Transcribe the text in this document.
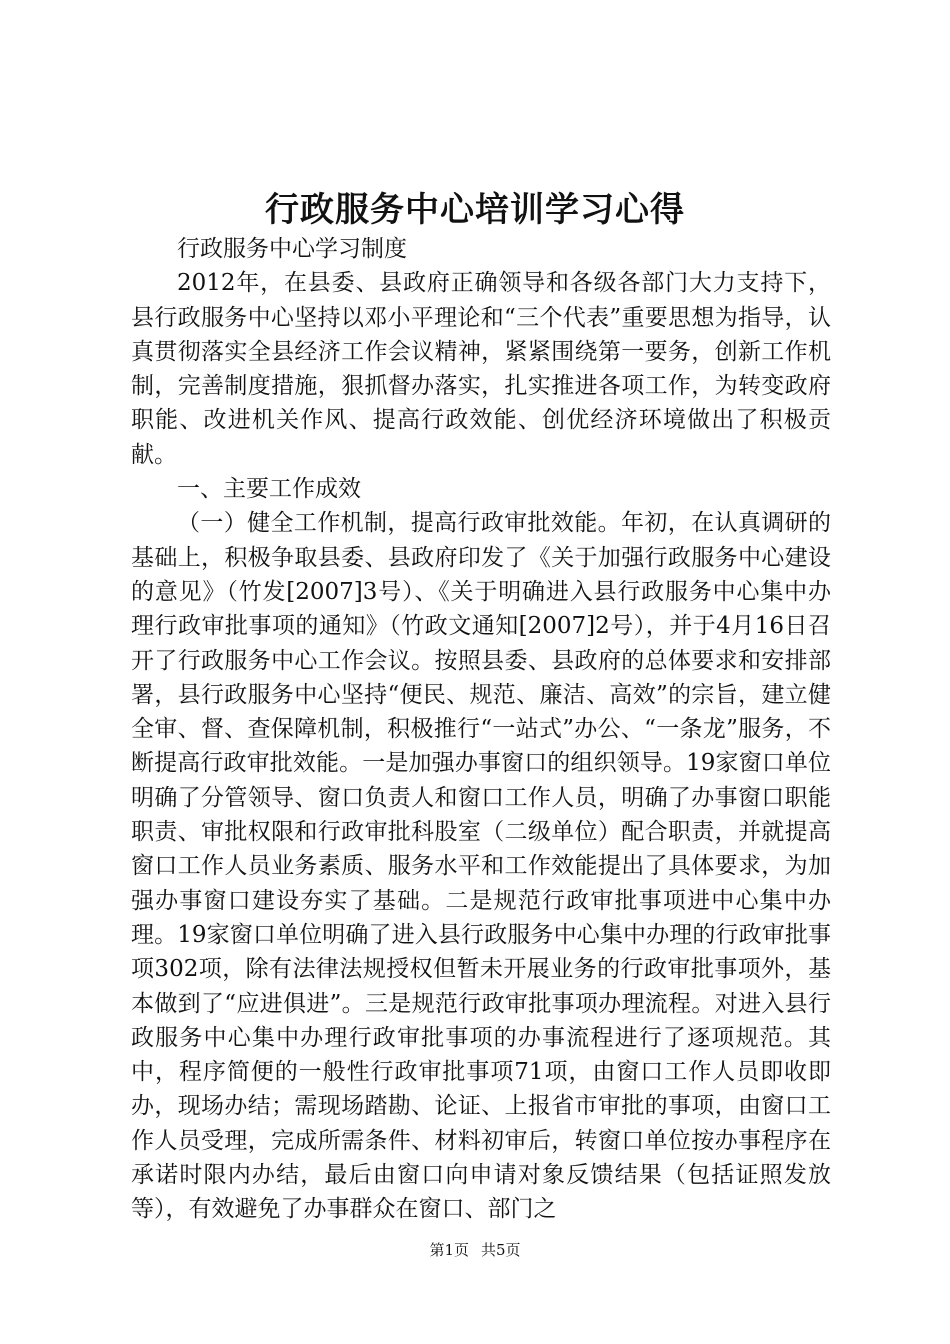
行政服务中心培训学习心得

行政服务中心学习制度

2012年，在县委、县政府正确领导和各级各部门大力支持下，县行政服务中心坚持以邓小平理论和“三个代表”重要思想为指导，认真贯彻落实全县经济工作会议精神，紧紧围绕第一要务，创新工作机制，完善制度措施，狠抓督办落实，扎实推进各项工作，为转变政府职能、改进机关作风、提高行政效能、创优经济环境做出了积极贡献。

一、主要工作成效

（一）健全工作机制，提高行政审批效能。年初，在认真调研的基础上，积极争取县委、县政府印发了《关于加强行政服务中心建设的意见》（竹发[2007]3号）、《关于明确进入县行政服务中心集中办理行政审批事项的通知》（竹政文通知[2007]2号），并于4月16日召开了行政服务中心工作会议。按照县委、县政府的总体要求和安排部署，县行政服务中心坚持“便民、规范、廉洁、高效”的宗旨，建立健全审、督、查保障机制，积极推行“一站式”办公、“一条龙”服务，不断提高行政审批效能。一是加强办事窗口的组织领导。19家窗口单位明确了分管领导、窗口负责人和窗口工作人员，明确了办事窗口职能职责、审批权限和行政审批科股室（二级单位）配合职责，并就提高窗口工作人员业务素质、服务水平和工作效能提出了具体要求，为加强办事窗口建设夯实了基础。二是规范行政审批事项进中心集中办理。19家窗口单位明确了进入县行政服务中心集中办理的行政审批事项302项，除有法律法规授权但暂未开展业务的行政审批事项外，基本做到了“应进俱进”。三是规范行政审批事项办理流程。对进入县行政服务中心集中办理行政审批事项的办事流程进行了逐项规范。其中，程序简便的一般性行政审批事项71项，由窗口工作人员即收即办，现场办结；需现场踏勘、论证、上报省市审批的事项，由窗口工作人员受理，完成所需条件、材料初审后，转窗口单位按办事程序在承诺时限内办结，最后由窗口向申请对象反馈结果（包括证照发放等），有效避免了办事群众在窗口、部门之

第1页 共5页
